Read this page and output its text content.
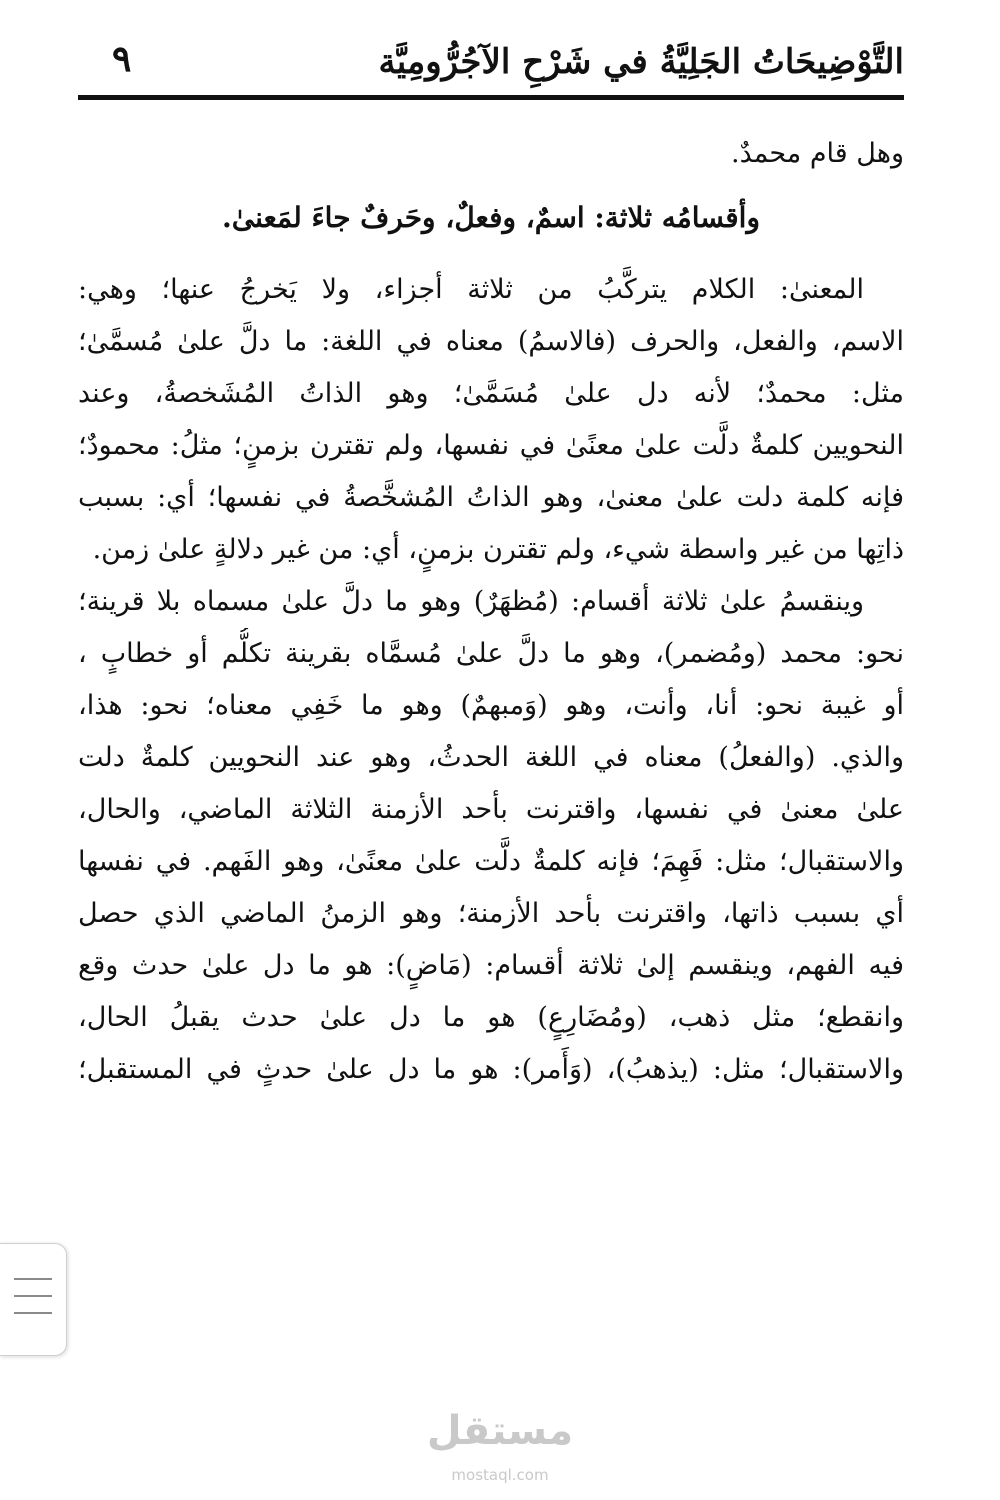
التَّوْضِيحَاتُ الجَلِيَّةُ في شَرْحِ الآجُرُّومِيَّة
٩
وهل قام محمدٌ.
وأقسامُه ثلاثة: اسمٌ، وفعلٌ، وحَرفٌ جاءَ لمَعنىٰ.
المعنىٰ: الكلام يتركَّبُ من ثلاثة أجزاء، ولا يَخرجُ عنها؛ وهي:
الاسم، والفعل، والحرف (فالاسمُ) معناه في اللغة: ما دلَّ علىٰ مُسمَّىٰ؛
مثل: محمدٌ؛ لأنه دل علىٰ مُسَمَّىٰ؛ وهو الذاتُ المُشَخصةُ، وعند
النحويين كلمةٌ دلَّت علىٰ معنًىٰ في نفسها، ولم تقترن بزمنٍ؛ مثلُ: محمودٌ؛
فإنه كلمة دلت علىٰ معنىٰ، وهو الذاتُ المُشخَّصةُ في نفسها؛ أي: بسبب
ذاتِها من غير واسطة شيء، ولم تقترن بزمنٍ، أي: من غير دلالةٍ علىٰ زمن.
وينقسمُ علىٰ ثلاثة أقسام: (مُظهَرٌ) وهو ما دلَّ علىٰ مسماه بلا قرينة؛
نحو: محمد (ومُضمر)، وهو ما دلَّ علىٰ مُسمَّاه بقرينة تكلُّم أو خطابٍ ،
أو غيبة نحو: أنا، وأنت، وهو (وَمبهمٌ) وهو ما خَفِي معناه؛ نحو: هذا،
والذي. (والفعلُ) معناه في اللغة الحدثُ، وهو عند النحويين كلمةٌ دلت
علىٰ معنىٰ في نفسها، واقترنت بأحد الأزمنة الثلاثة الماضي، والحال،
والاستقبال؛ مثل: فَهِمَ؛ فإنه كلمةٌ دلَّت علىٰ معنًىٰ، وهو الفَهم. في نفسها
أي بسبب ذاتها، واقترنت بأحد الأزمنة؛ وهو الزمنُ الماضي الذي حصل
فيه الفهم، وينقسم إلىٰ ثلاثة أقسام: (مَاضٍ): هو ما دل علىٰ حدث وقع
وانقطع؛ مثل ذهب، (ومُضَارِعٍ) هو ما دل علىٰ حدث يقبلُ الحال،
والاستقبال؛ مثل: (يذهبُ)، (وَأَمر): هو ما دل علىٰ حدثٍ في المستقبل؛
مستقل
mostaql.com
